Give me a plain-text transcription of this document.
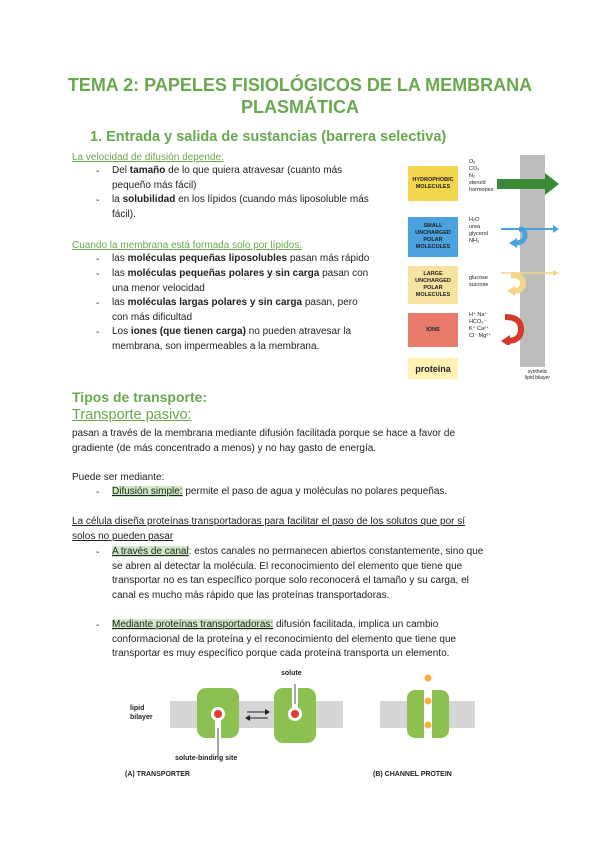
TEMA 2: PAPELES FISIOLÓGICOS DE LA MEMBRANA
PLASMÁTICA
1. Entrada y salida de sustancias (barrera selectiva)
La velocidad de difusión depende:
- Del tamaño de lo que quiera atravesar (cuanto más
pequeño más fácil)
- la solubilidad en los lípidos (cuando más liposoluble más
fácil).
Cuando la membrana está formada solo por lípidos:
- las moléculas pequeñas liposolubles pasan más rápido
- las moléculas pequeñas polares y sin carga pasan con
una menor velocidad
- las moléculas largas polares y sin carga pasan, pero
con más dificultad
- Los iones (que tienen carga) no pueden atravesar la
membrana, son impermeables a la membrana.
synthetic
lipid bilayer
HYDROPHOBIC
MOLECULES
O₂
CO₂
N₂
steroid
hormones
SMALL
UNCHARGED
POLAR
MOLECULES
H₂O
urea
glycerol
NH₃
LARGE
UNCHARGED
POLAR
MOLECULES
glucose
sucrose
IONS
H⁺ Na⁺
HCO₃⁻
K⁺ Ca²⁺
Cl⁻ Mg²⁺
proteína
Tipos de transporte:
Transporte pasivo:
pasan a través de la membrana mediante difusión facilitada porque se hace a favor de
gradiente (de más concentrado a menos) y no hay gasto de energía.
Puede ser mediante:
- Difusión simple: permite el paso de agua y moléculas no polares pequeñas.
La célula diseña proteínas transportadoras para facilitar el paso de los solutos que por sí
solos no pueden pasar
- A través de canal: estos canales no permanecen abiertos constantemente, sino que
se abren al detectar la molécula. El reconocimiento del elemento que tiene que
transportar no es tan específico porque solo reconocerá el tamaño y su carga, el
canal es mucho más rápido que las proteínas transportadoras.
- Mediante proteínas transportadoras: difusión facilitada, implica un cambio
conformacional de la proteína y el reconocimiento del elemento que tiene que
transportar es muy específico porque cada proteína transporta un elemento.
lipid
bilayer
solute
solute-binding site
(A) TRANSPORTER	(B) CHANNEL PROTEIN
